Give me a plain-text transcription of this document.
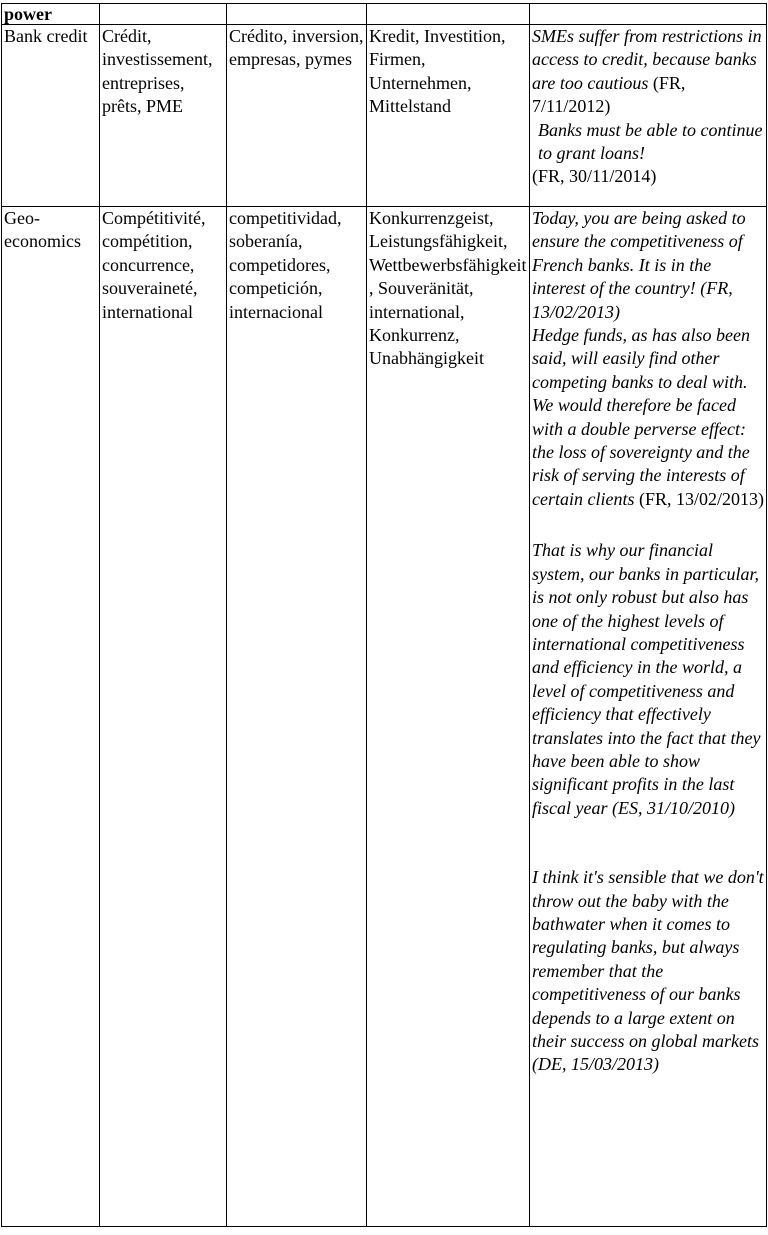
power				
Bank credit	Crédit, investissement, entreprises, prêts, PME	Crédito, inversion, empresas, pymes	Kredit, Investition, Firmen, Unternehmen, Mittelstand	SMEs suffer from restrictions in access to credit, because banks are too cautious (FR, 7/11/2012)
Banks must be able to continue to grant loans!
(FR, 30/11/2014)

Geo-economics	Compétitivité, compétition, concurrence, souveraineté, international	competitividad, soberanía, competidores, competición, internacional	Konkurrenzgeist, Leistungsfähigkeit, Wettbewerbsfähigkeit, Souveränität, international, Konkurrenz, Unabhängigkeit	Today, you are being asked to ensure the competitiveness of French banks. It is in the interest of the country! (FR, 13/02/2013)
Hedge funds, as has also been said, will easily find other competing banks to deal with. We would therefore be faced with a double perverse effect: the loss of sovereignty and the risk of serving the interests of certain clients (FR, 13/02/2013)
That is why our financial system, our banks in particular, is not only robust but also has one of the highest levels of international competitiveness and efficiency in the world, a level of competitiveness and efficiency that effectively translates into the fact that they have been able to show significant profits in the last fiscal year (ES, 31/10/2010)
I think it's sensible that we don't throw out the baby with the bathwater when it comes to regulating banks, but always remember that the competitiveness of our banks depends to a large extent on their success on global markets (DE, 15/03/2013)
